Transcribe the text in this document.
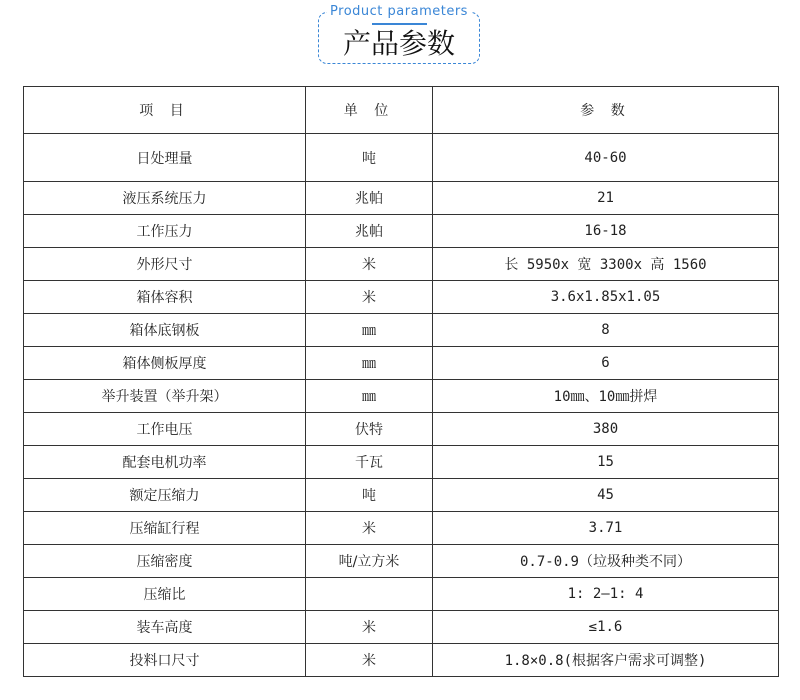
Product parameters
产品参数
项 目	单 位	参 数
日处理量	吨	40-60
液压系统压力	兆帕	21
工作压力	兆帕	16-18
外形尺寸	米	长 5950x 宽 3300x 高 1560
箱体容积	米	3.6x1.85x1.05
箱体底钢板	㎜	8
箱体侧板厚度	㎜	6
举升装置（举升架）	㎜	10㎜、10㎜拼焊
工作电压	伏特	380
配套电机功率	千瓦	15
额定压缩力	吨	45
压缩缸行程	米	3.71
压缩密度	吨/立方米	0.7-0.9（垃圾种类不同）
压缩比		1: 2—1: 4
装车高度	米	≤1.6
投料口尺寸	米	1.8×0.8(根据客户需求可调整)
